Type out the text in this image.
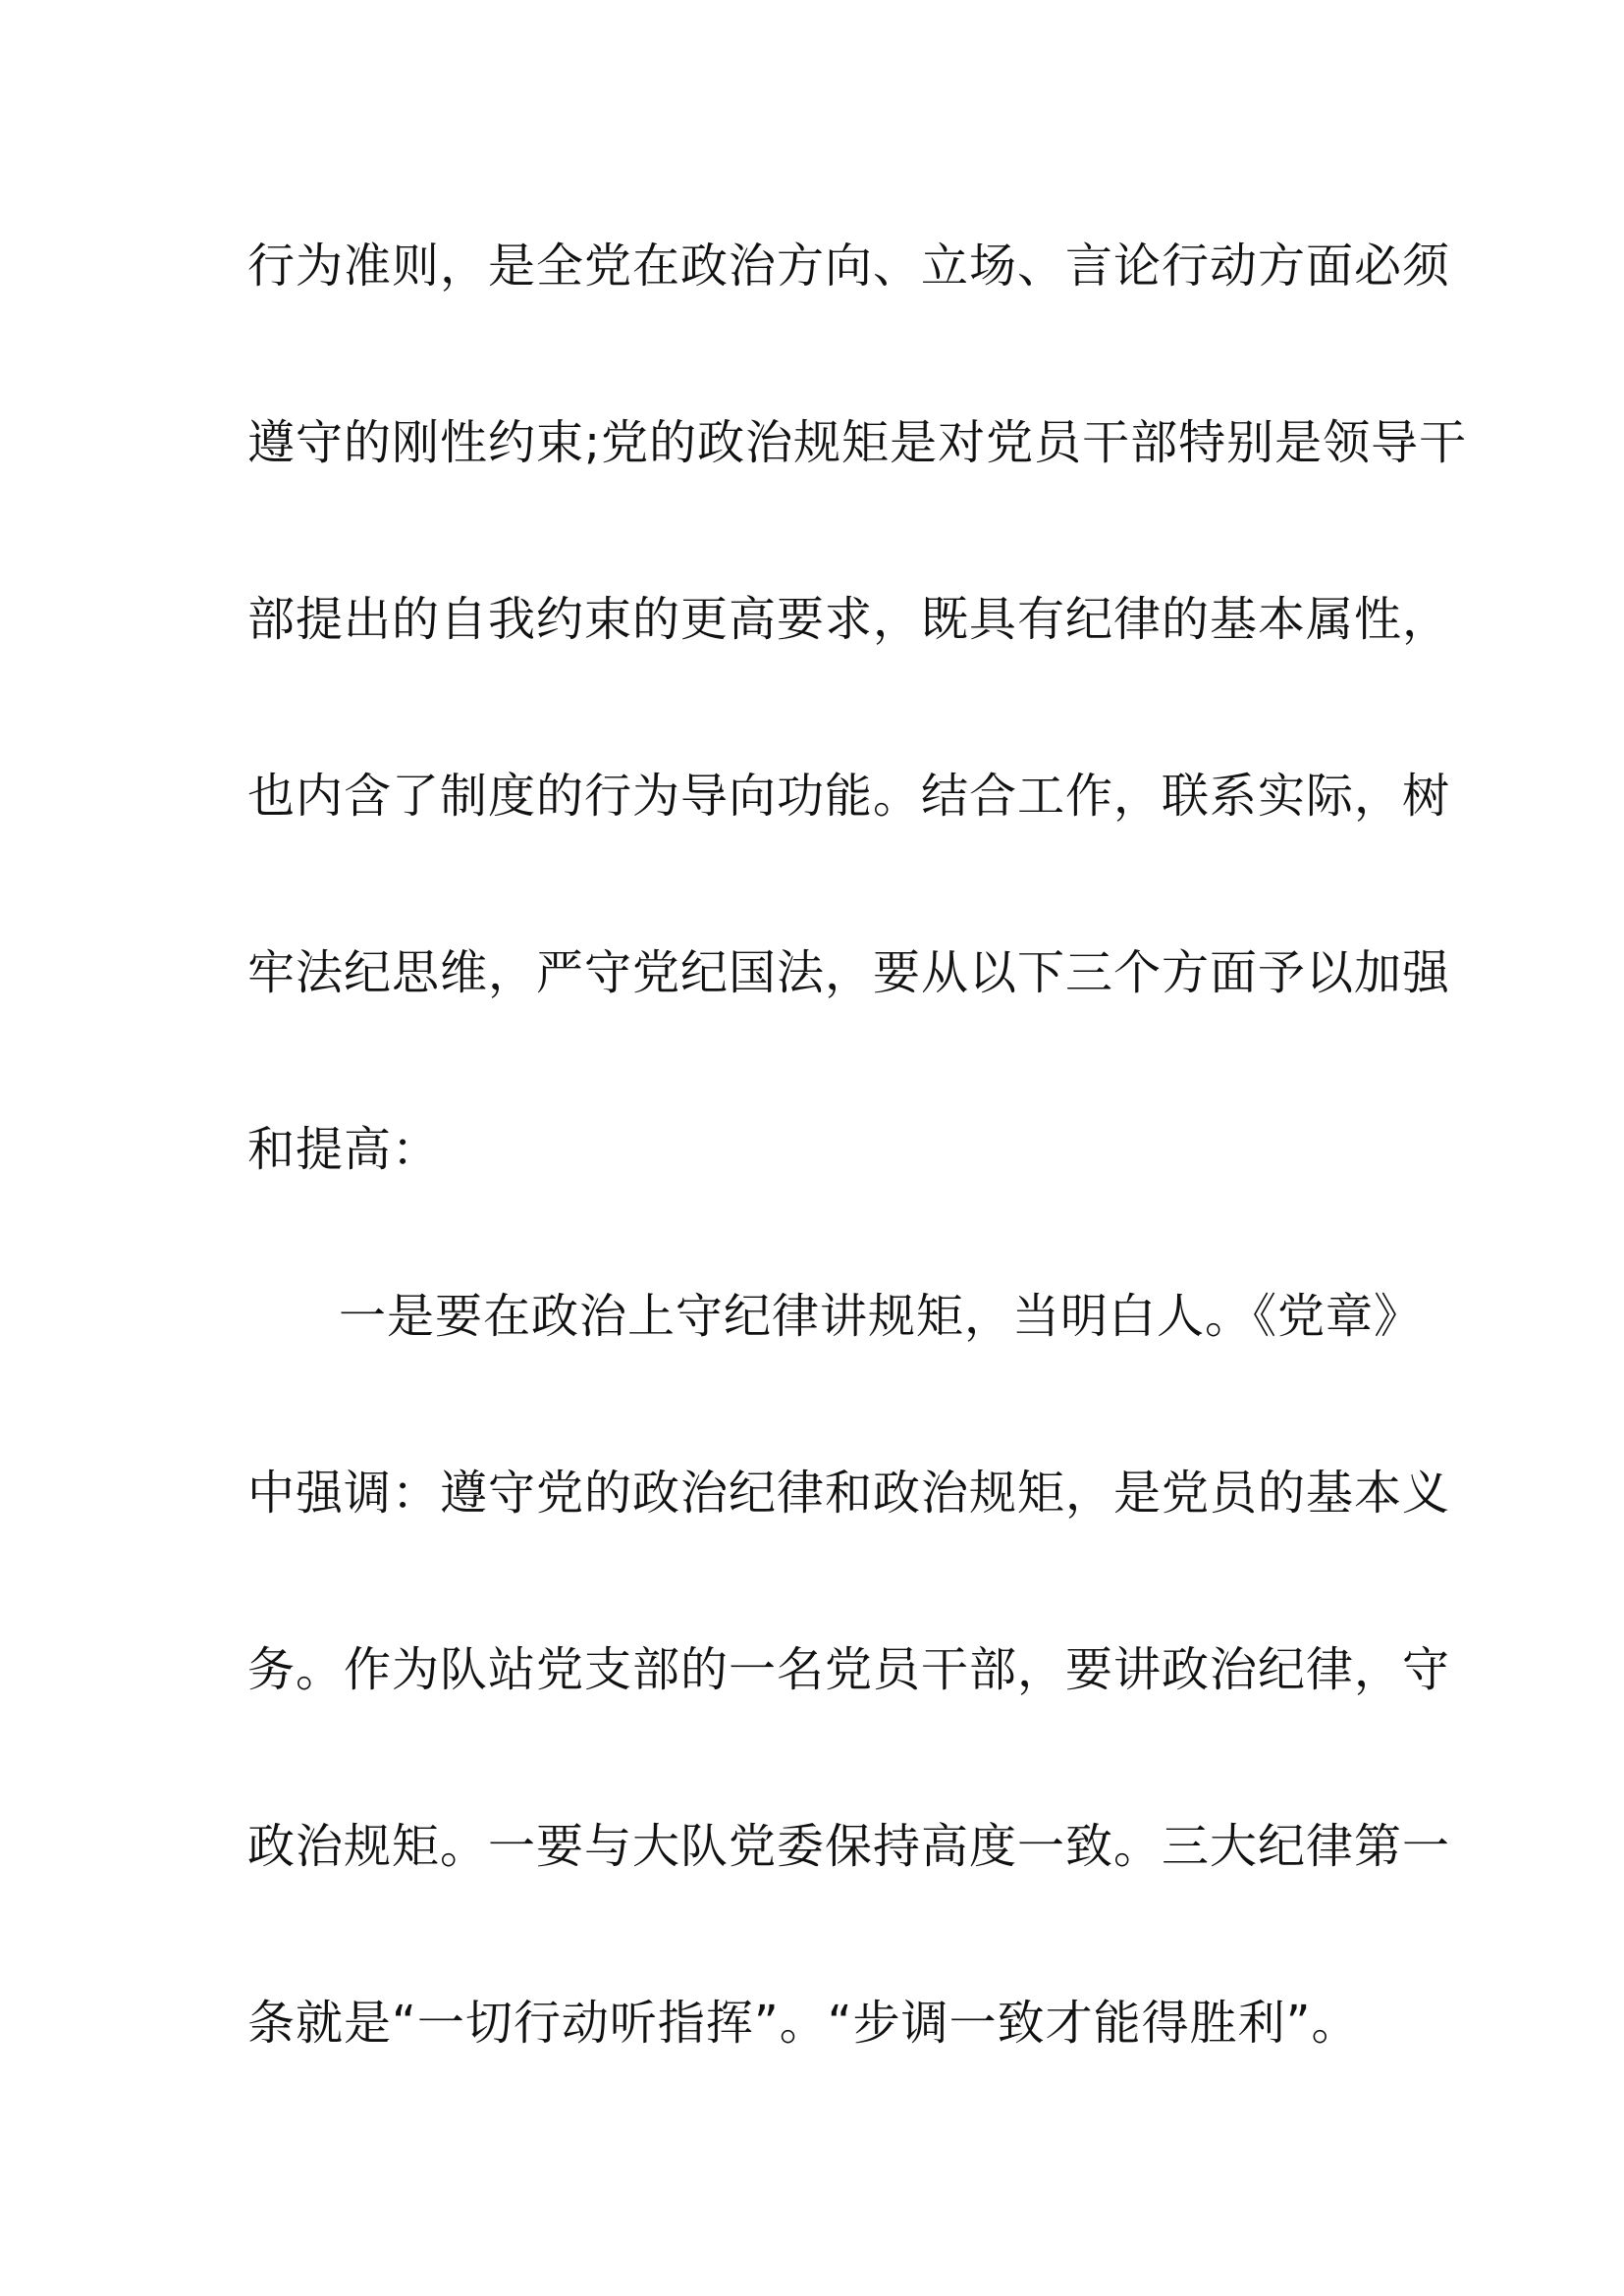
行为准则，是全党在政治方向、立场、言论行动方面必须
遵守的刚性约束;党的政治规矩是对党员干部特别是领导干
部提出的自我约束的更高要求，既具有纪律的基本属性，
也内含了制度的行为导向功能。结合工作，联系实际，树
牢法纪思维，严守党纪国法，要从以下三个方面予以加强
和提高：
一是要在政治上守纪律讲规矩，当明白人。《党章》
中强调：遵守党的政治纪律和政治规矩，是党员的基本义
务。作为队站党支部的一名党员干部，要讲政治纪律，守
政治规矩。一要与大队党委保持高度一致。三大纪律第一
条就是“一切行动听指挥”。“步调一致才能得胜利”。
